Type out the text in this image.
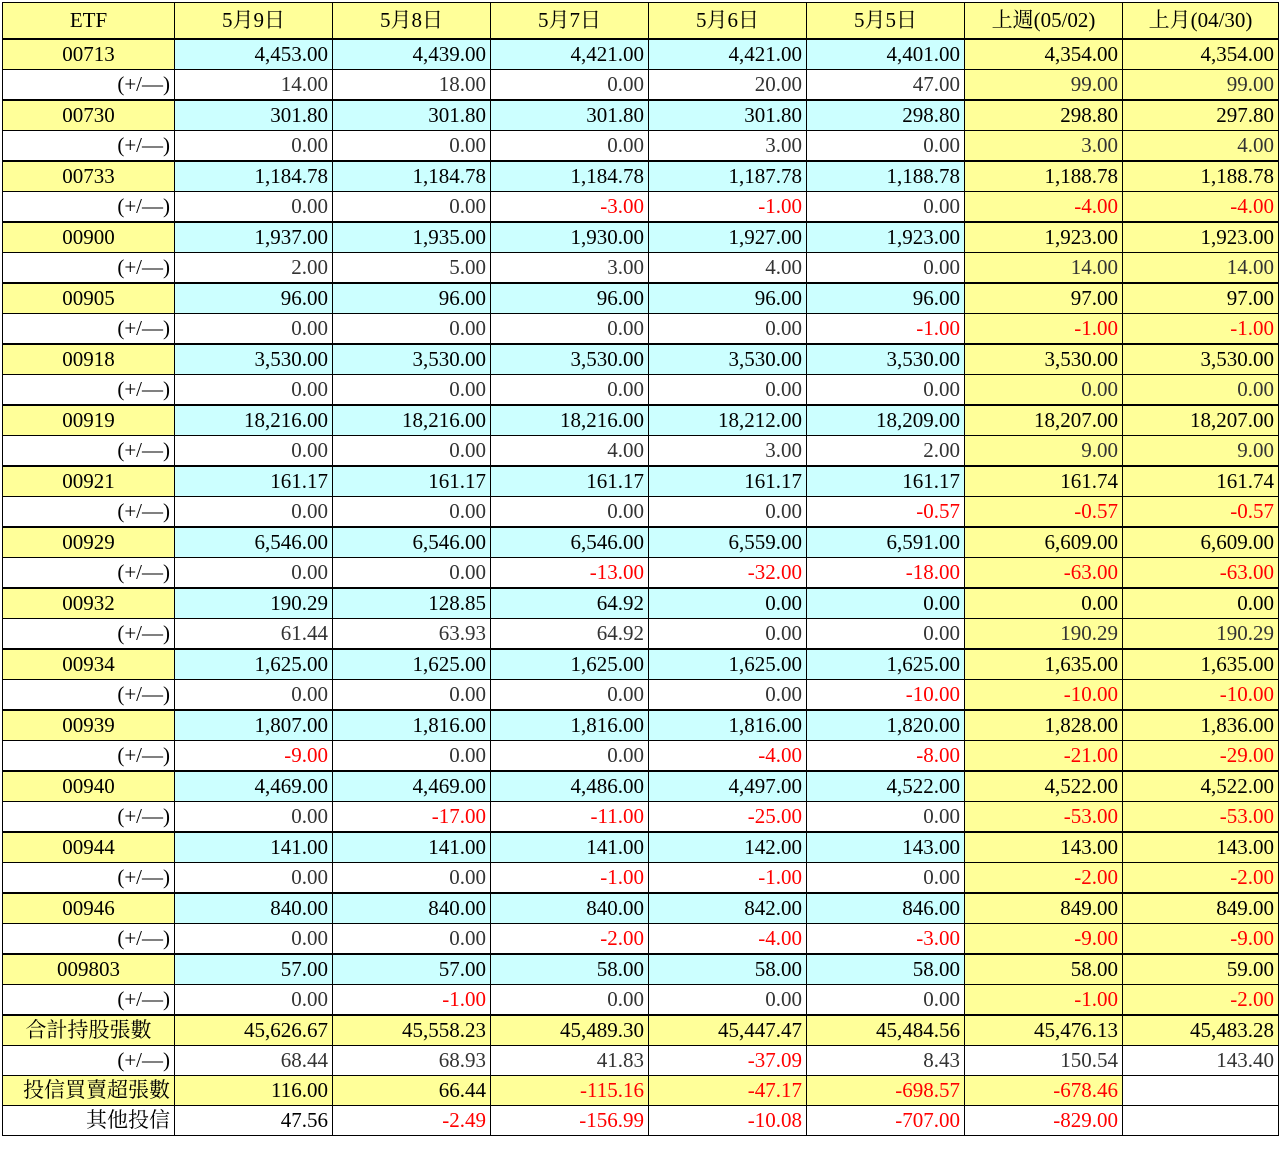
ETF	5月9日	5月8日	5月7日	5月6日	5月5日	上週(05/02)	上月(04/30)
00713	4,453.00	4,439.00	4,421.00	4,421.00	4,401.00	4,354.00	4,354.00
(+/—)	14.00	18.00	0.00	20.00	47.00	99.00	99.00
00730	301.80	301.80	301.80	301.80	298.80	298.80	297.80
(+/—)	0.00	0.00	0.00	3.00	0.00	3.00	4.00
00733	1,184.78	1,184.78	1,184.78	1,187.78	1,188.78	1,188.78	1,188.78
(+/—)	0.00	0.00	-3.00	-1.00	0.00	-4.00	-4.00
00900	1,937.00	1,935.00	1,930.00	1,927.00	1,923.00	1,923.00	1,923.00
(+/—)	2.00	5.00	3.00	4.00	0.00	14.00	14.00
00905	96.00	96.00	96.00	96.00	96.00	97.00	97.00
(+/—)	0.00	0.00	0.00	0.00	-1.00	-1.00	-1.00
00918	3,530.00	3,530.00	3,530.00	3,530.00	3,530.00	3,530.00	3,530.00
(+/—)	0.00	0.00	0.00	0.00	0.00	0.00	0.00
00919	18,216.00	18,216.00	18,216.00	18,212.00	18,209.00	18,207.00	18,207.00
(+/—)	0.00	0.00	4.00	3.00	2.00	9.00	9.00
00921	161.17	161.17	161.17	161.17	161.17	161.74	161.74
(+/—)	0.00	0.00	0.00	0.00	-0.57	-0.57	-0.57
00929	6,546.00	6,546.00	6,546.00	6,559.00	6,591.00	6,609.00	6,609.00
(+/—)	0.00	0.00	-13.00	-32.00	-18.00	-63.00	-63.00
00932	190.29	128.85	64.92	0.00	0.00	0.00	0.00
(+/—)	61.44	63.93	64.92	0.00	0.00	190.29	190.29
00934	1,625.00	1,625.00	1,625.00	1,625.00	1,625.00	1,635.00	1,635.00
(+/—)	0.00	0.00	0.00	0.00	-10.00	-10.00	-10.00
00939	1,807.00	1,816.00	1,816.00	1,816.00	1,820.00	1,828.00	1,836.00
(+/—)	-9.00	0.00	0.00	-4.00	-8.00	-21.00	-29.00
00940	4,469.00	4,469.00	4,486.00	4,497.00	4,522.00	4,522.00	4,522.00
(+/—)	0.00	-17.00	-11.00	-25.00	0.00	-53.00	-53.00
00944	141.00	141.00	141.00	142.00	143.00	143.00	143.00
(+/—)	0.00	0.00	-1.00	-1.00	0.00	-2.00	-2.00
00946	840.00	840.00	840.00	842.00	846.00	849.00	849.00
(+/—)	0.00	0.00	-2.00	-4.00	-3.00	-9.00	-9.00
009803	57.00	57.00	58.00	58.00	58.00	58.00	59.00
(+/—)	0.00	-1.00	0.00	0.00	0.00	-1.00	-2.00
合計持股張數	45,626.67	45,558.23	45,489.30	45,447.47	45,484.56	45,476.13	45,483.28
(+/—)	68.44	68.93	41.83	-37.09	8.43	150.54	143.40
投信買賣超張數	116.00	66.44	-115.16	-47.17	-698.57	-678.46	
其他投信	47.56	-2.49	-156.99	-10.08	-707.00	-829.00	
